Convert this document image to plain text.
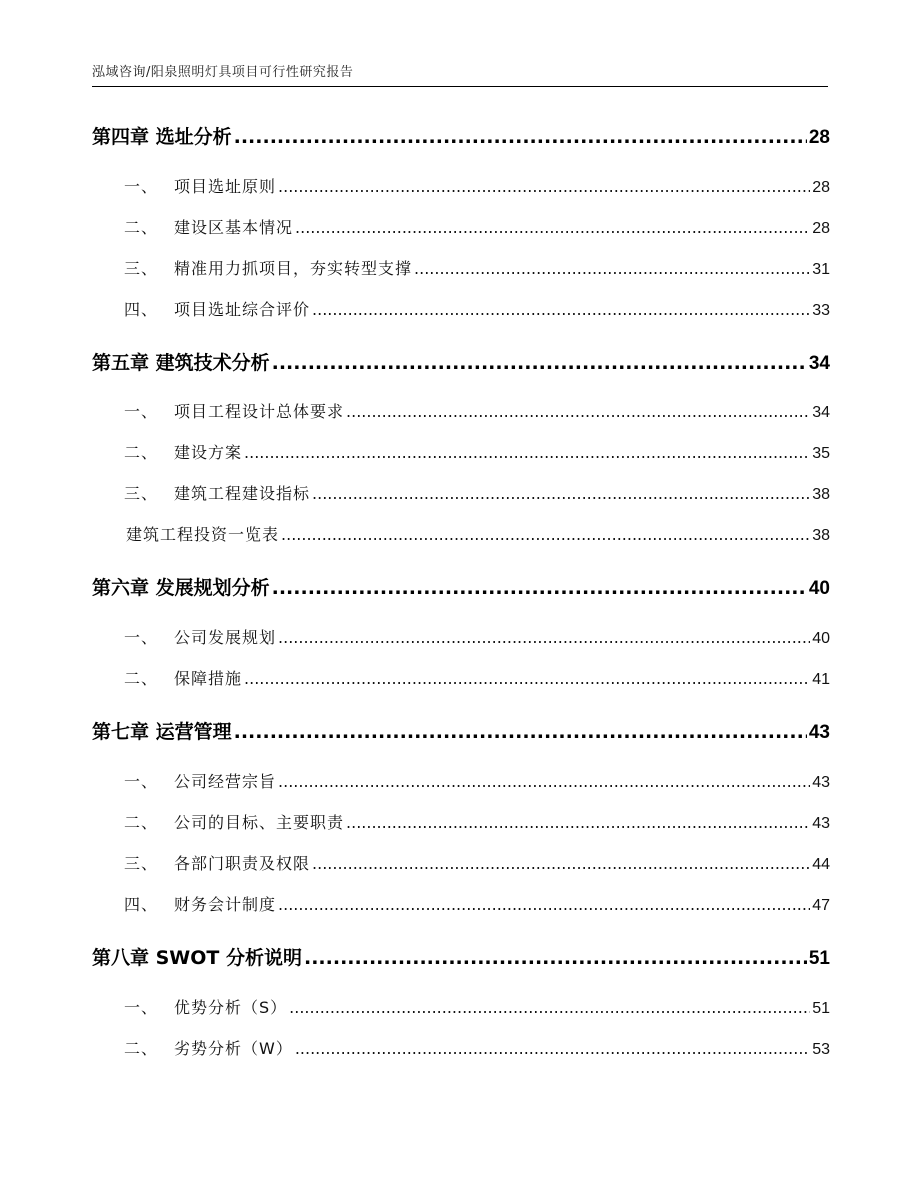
泓域咨询/阳泉照明灯具项目可行性研究报告
第四章 选址分析 .....	28
一、 项目选址原则 .....	28
二、 建设区基本情况 .....	28
三、 精准用力抓项目，夯实转型支撑 .....	31
四、 项目选址综合评价 .....	33
第五章 建筑技术分析 .....	34
一、 项目工程设计总体要求 .....	34
二、 建设方案 .....	35
三、 建筑工程建设指标 .....	38
建筑工程投资一览表 .....	38
第六章 发展规划分析 .....	40
一、 公司发展规划 .....	40
二、 保障措施 .....	41
第七章 运营管理 .....	43
一、 公司经营宗旨 .....	43
二、 公司的目标、主要职责 .....	43
三、 各部门职责及权限 .....	44
四、 财务会计制度 .....	47
第八章 SWOT 分析说明 .....	51
一、 优势分析（S） .....	51
二、 劣势分析（W） .....	53
